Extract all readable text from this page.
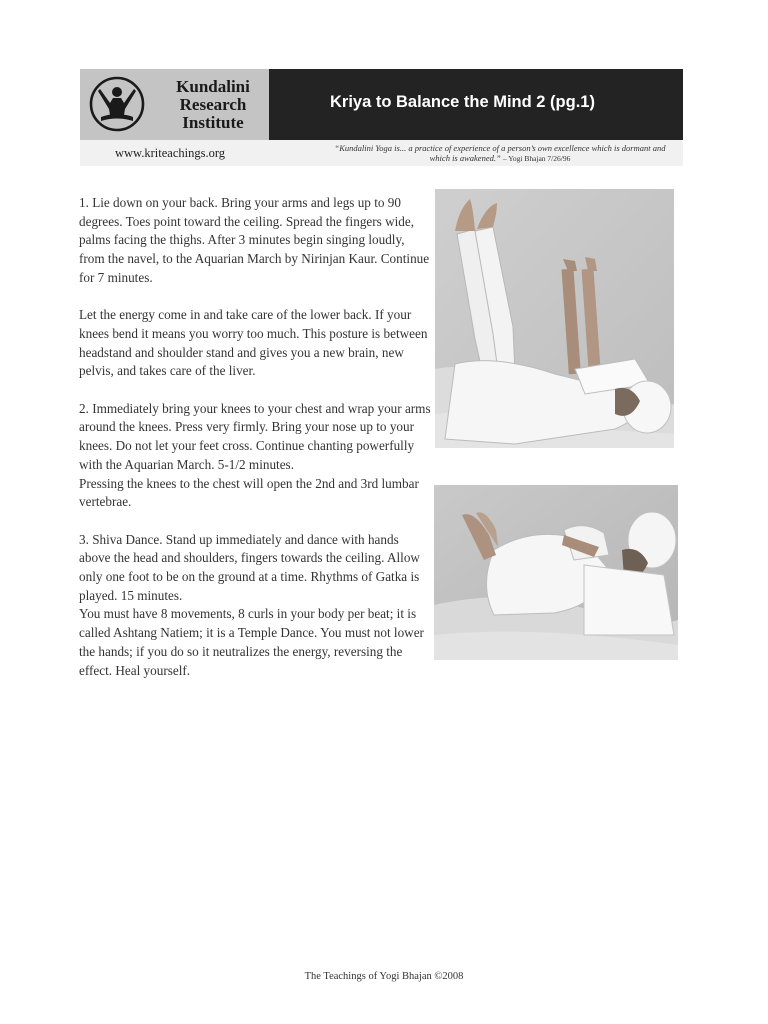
Kundalini Research Institute
Kriya to Balance the Mind 2 (pg.1)
www.kriteachings.org	“Kundalini Yoga is... a practice of experience of a person’s own excellence which is dormant and which is awakened.” – Yogi Bhajan 7/26/96

1. Lie down on your back. Bring your arms and legs up to 90 degrees. Toes point toward the ceiling. Spread the fingers wide, palms facing the thighs. After 3 minutes begin singing loudly, from the navel, to the Aquarian March by Nirinjan Kaur. Continue for 7 minutes.

Let the energy come in and take care of the lower back. If your knees bend it means you worry too much. This posture is between headstand and shoulder stand and gives you a new brain, new pelvis, and takes care of the liver.

2. Immediately bring your knees to your chest and wrap your arms around the knees. Press very firmly. Bring your nose up to your knees. Do not let your feet cross. Continue chanting powerfully with the Aquarian March. 5-1/2 minutes.

Pressing the knees to the chest will open the 2nd and 3rd lumbar vertebrae.

3. Shiva Dance. Stand up immediately and dance with hands above the head and shoulders, fingers towards the ceiling. Allow only one foot to be on the ground at a time. Rhythms of Gatka is played. 15 minutes.

You must have 8 movements, 8 curls in your body per beat; it is called Ashtang Natiem; it is a Temple Dance. You must not lower the hands; if you do so it neutralizes the energy, reversing the effect. Heal yourself.

The Teachings of Yogi Bhajan ©2008
